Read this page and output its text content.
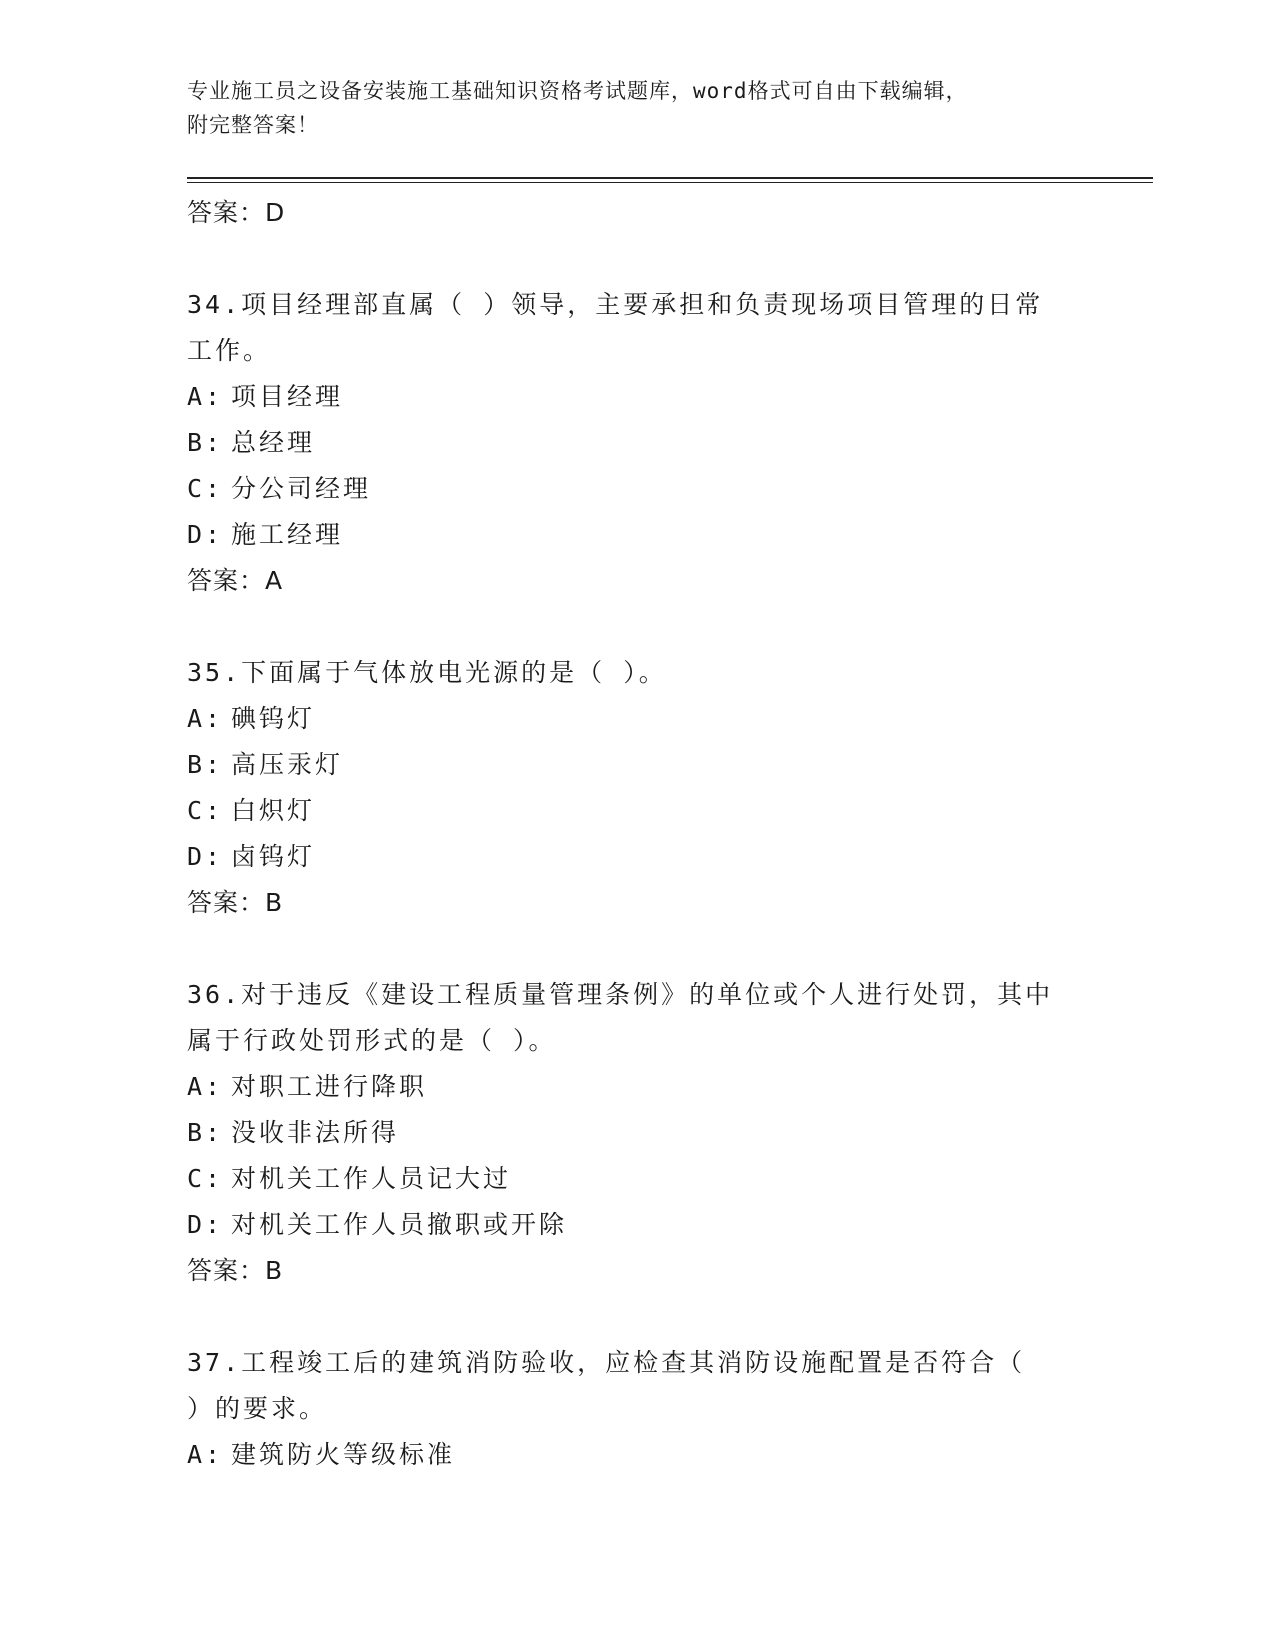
专业施工员之设备安装施工基础知识资格考试题库，word格式可自由下载编辑，
附完整答案！
答案：D
34.项目经理部直属（ ）领导，主要承担和负责现场项目管理的日常
工作。
A: 项目经理
B: 总经理
C: 分公司经理
D: 施工经理
答案：A
35.下面属于气体放电光源的是（ ）。
A: 碘钨灯
B: 高压汞灯
C: 白炽灯
D: 卤钨灯
答案：B
36.对于违反《建设工程质量管理条例》的单位或个人进行处罚，其中
属于行政处罚形式的是（ ）。
A: 对职工进行降职
B: 没收非法所得
C: 对机关工作人员记大过
D: 对机关工作人员撤职或开除
答案：B
37.工程竣工后的建筑消防验收，应检查其消防设施配置是否符合（
）的要求。
A: 建筑防火等级标准
